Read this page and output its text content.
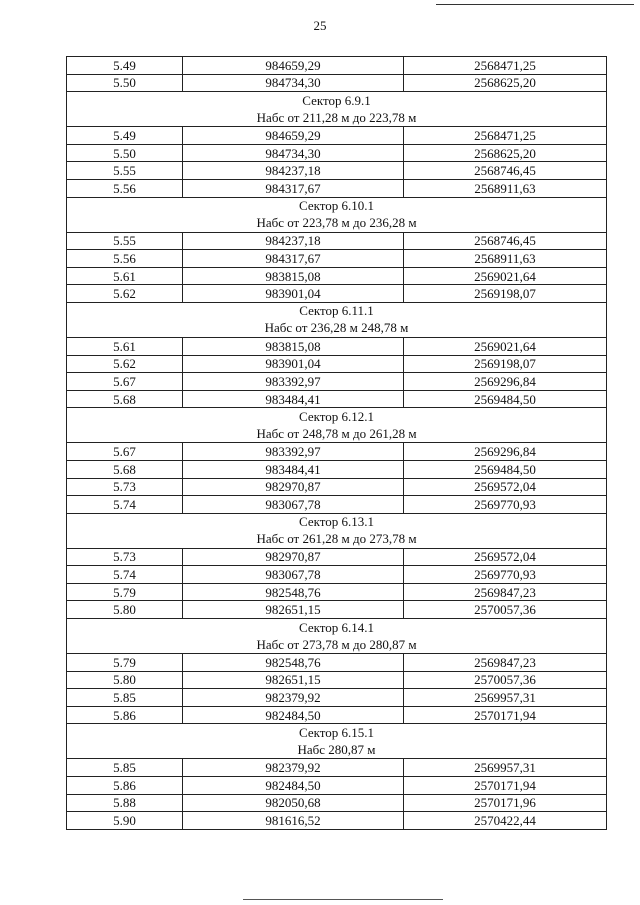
25
5.49	984659,29	2568471,25
5.50	984734,30	2568625,20
Сектор 6.9.1		
Набс от 211,28 м до 223,78 м		
5.49	984659,29	2568471,25
5.50	984734,30	2568625,20
5.55	984237,18	2568746,45
5.56	984317,67	2568911,63
Сектор 6.10.1		
Набс от 223,78 м до 236,28 м		
5.55	984237,18	2568746,45
5.56	984317,67	2568911,63
5.61	983815,08	2569021,64
5.62	983901,04	2569198,07
Сектор 6.11.1		
Набс от 236,28 м 248,78 м		
5.61	983815,08	2569021,64
5.62	983901,04	2569198,07
5.67	983392,97	2569296,84
5.68	983484,41	2569484,50
Сектор 6.12.1		
Набс от 248,78 м до 261,28 м		
5.67	983392,97	2569296,84
5.68	983484,41	2569484,50
5.73	982970,87	2569572,04
5.74	983067,78	2569770,93
Сектор 6.13.1		
Набс от 261,28 м до 273,78 м		
5.73	982970,87	2569572,04
5.74	983067,78	2569770,93
5.79	982548,76	2569847,23
5.80	982651,15	2570057,36
Сектор 6.14.1		
Набс от 273,78 м до 280,87 м		
5.79	982548,76	2569847,23
5.80	982651,15	2570057,36
5.85	982379,92	2569957,31
5.86	982484,50	2570171,94
Сектор 6.15.1		
Набс 280,87 м		
5.85	982379,92	2569957,31
5.86	982484,50	2570171,94
5.88	982050,68	2570171,96
5.90	981616,52	2570422,44
